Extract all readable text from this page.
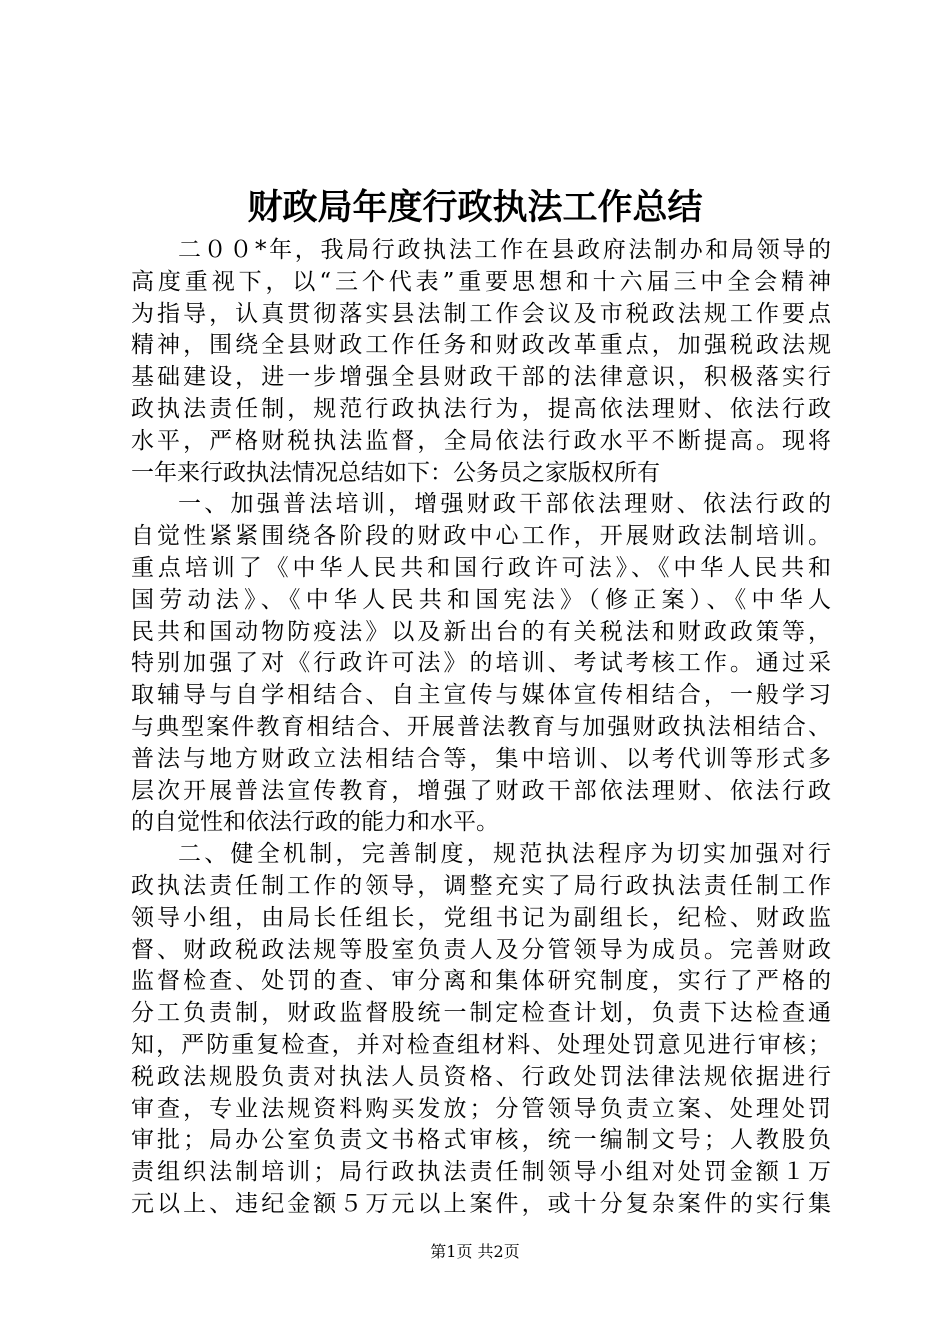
财政局年度行政执法工作总结
二００*年，我局行政执法工作在县政府法制办和局领导的
高度重视下，以“三个代表”重要思想和十六届三中全会精神
为指导，认真贯彻落实县法制工作会议及市税政法规工作要点
精神，围绕全县财政工作任务和财政改革重点，加强税政法规
基础建设，进一步增强全县财政干部的法律意识，积极落实行
政执法责任制，规范行政执法行为，提高依法理财、依法行政
水平，严格财税执法监督，全局依法行政水平不断提高。现将
一年来行政执法情况总结如下：公务员之家版权所有
一、加强普法培训，增强财政干部依法理财、依法行政的
自觉性紧紧围绕各阶段的财政中心工作，开展财政法制培训。
重点培训了《中华人民共和国行政许可法》、《中华人民共和
国劳动法》、《中华人民共和国宪法》（修正案）、《中华人
民共和国动物防疫法》以及新出台的有关税法和财政政策等，
特别加强了对《行政许可法》的培训、考试考核工作。通过采
取辅导与自学相结合、自主宣传与媒体宣传相结合，一般学习
与典型案件教育相结合、开展普法教育与加强财政执法相结合、
普法与地方财政立法相结合等，集中培训、以考代训等形式多
层次开展普法宣传教育，增强了财政干部依法理财、依法行政
的自觉性和依法行政的能力和水平。
二、健全机制，完善制度，规范执法程序为切实加强对行
政执法责任制工作的领导，调整充实了局行政执法责任制工作
领导小组，由局长任组长，党组书记为副组长，纪检、财政监
督、财政税政法规等股室负责人及分管领导为成员。完善财政
监督检查、处罚的查、审分离和集体研究制度，实行了严格的
分工负责制，财政监督股统一制定检查计划，负责下达检查通
知，严防重复检查，并对检查组材料、处理处罚意见进行审核；
税政法规股负责对执法人员资格、行政处罚法律法规依据进行
审查，专业法规资料购买发放；分管领导负责立案、处理处罚
审批；局办公室负责文书格式审核，统一编制文号；人教股负
责组织法制培训；局行政执法责任制领导小组对处罚金额１万
元以上、违纪金额５万元以上案件，或十分复杂案件的实行集
第1页 共2页
